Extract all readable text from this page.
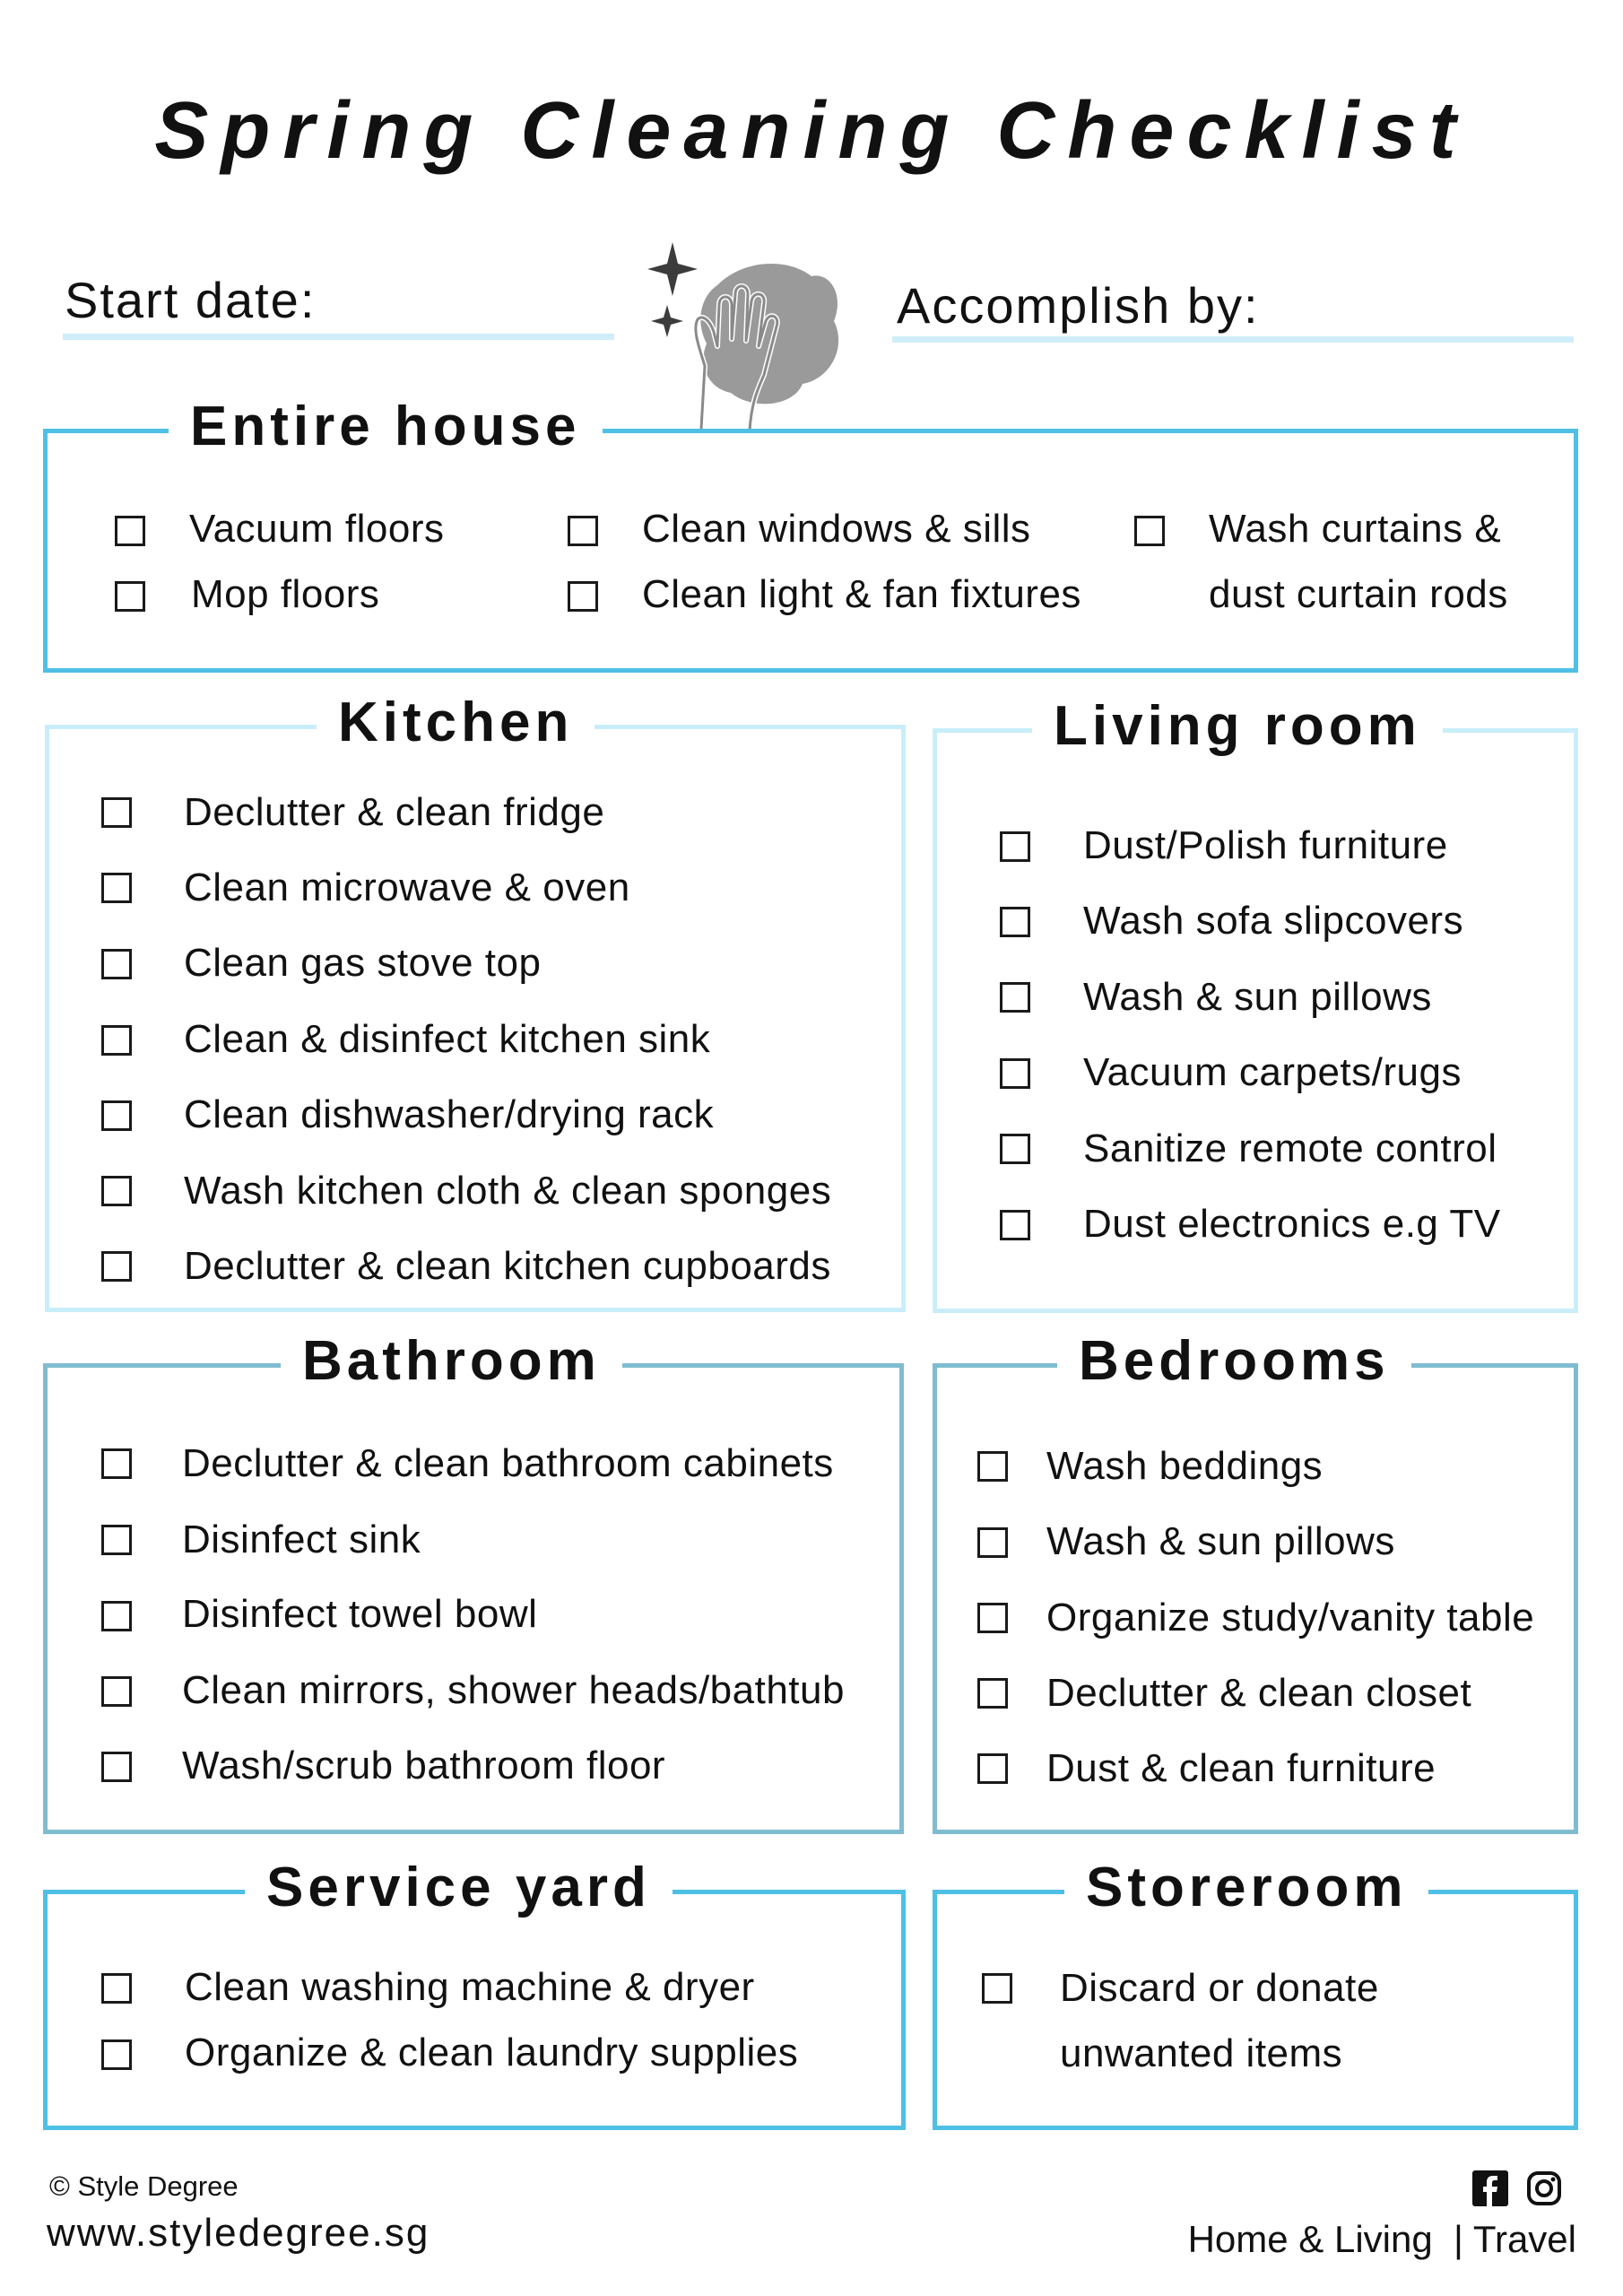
Spring Cleaning Checklist
Start date:	Accomplish by:
Entire house
Vacuum floors
Mop floors
Clean windows & sills
Clean light & fan fixtures
Wash curtains &
dust curtain rods
Kitchen
Declutter & clean fridge
Clean microwave & oven
Clean gas stove top
Clean & disinfect kitchen sink
Clean dishwasher/drying rack
Wash kitchen cloth & clean sponges
Declutter & clean kitchen cupboards
Living room
Dust/Polish furniture
Wash sofa slipcovers
Wash & sun pillows
Vacuum carpets/rugs
Sanitize remote control
Dust electronics e.g TV
Bathroom
Declutter & clean bathroom cabinets
Disinfect sink
Disinfect towel bowl
Clean mirrors, shower heads/bathtub
Wash/scrub bathroom floor
Bedrooms
Wash beddings
Wash & sun pillows
Organize study/vanity table
Declutter & clean closet
Dust & clean furniture
Service yard
Clean washing machine & dryer
Organize & clean laundry supplies
Storeroom
Discard or donate
unwanted items
© Style Degree
www.styledegree.sg	Home & Living  | Travel
